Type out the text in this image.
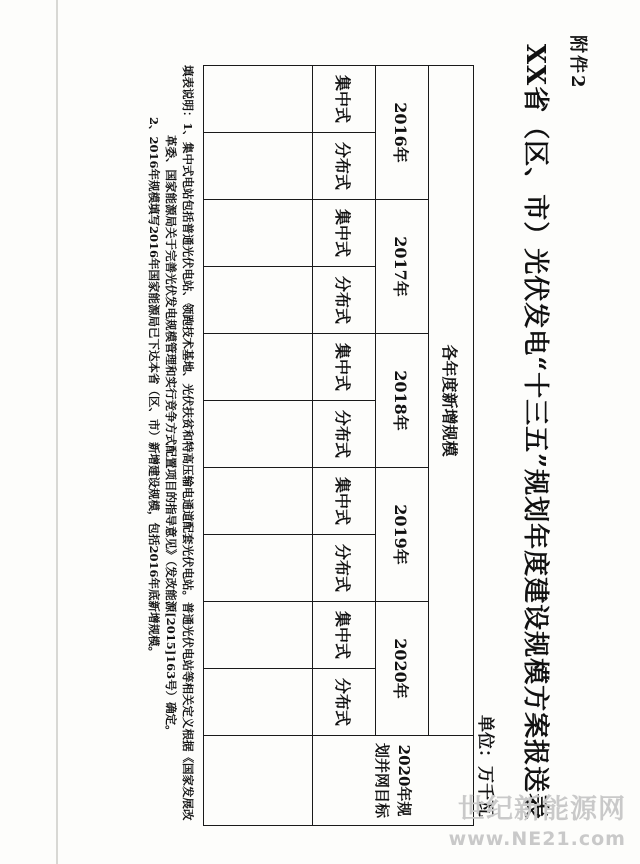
附件2
XX省（区、市）光伏发电“十三五”规划年度建设规模方案报送表
单位：万千瓦
各年度新增规模										2020年规划并网目标
2016年		2017年		2018年		2019年		2020年		
集中式	分布式	集中式	分布式	集中式	分布式	集中式	分布式	集中式	分布式	

填表说明：1、集中式电站包括普通光伏电站、领跑技术基地、光伏扶贫和特高压输电通道配套光伏电站。普通光伏电站等相关定义根据《国家发展改
革委、国家能源局关于完善光伏发电规模管理和实行竞争方式配置项目的指导意见》（发改能源[2015]163号）确定。
2、2016年规模填写2016年国家能源局已下达本省（区、市）新增建设规模，包括2016年底新增规模。
世纪新能源网
www.NE21.com
